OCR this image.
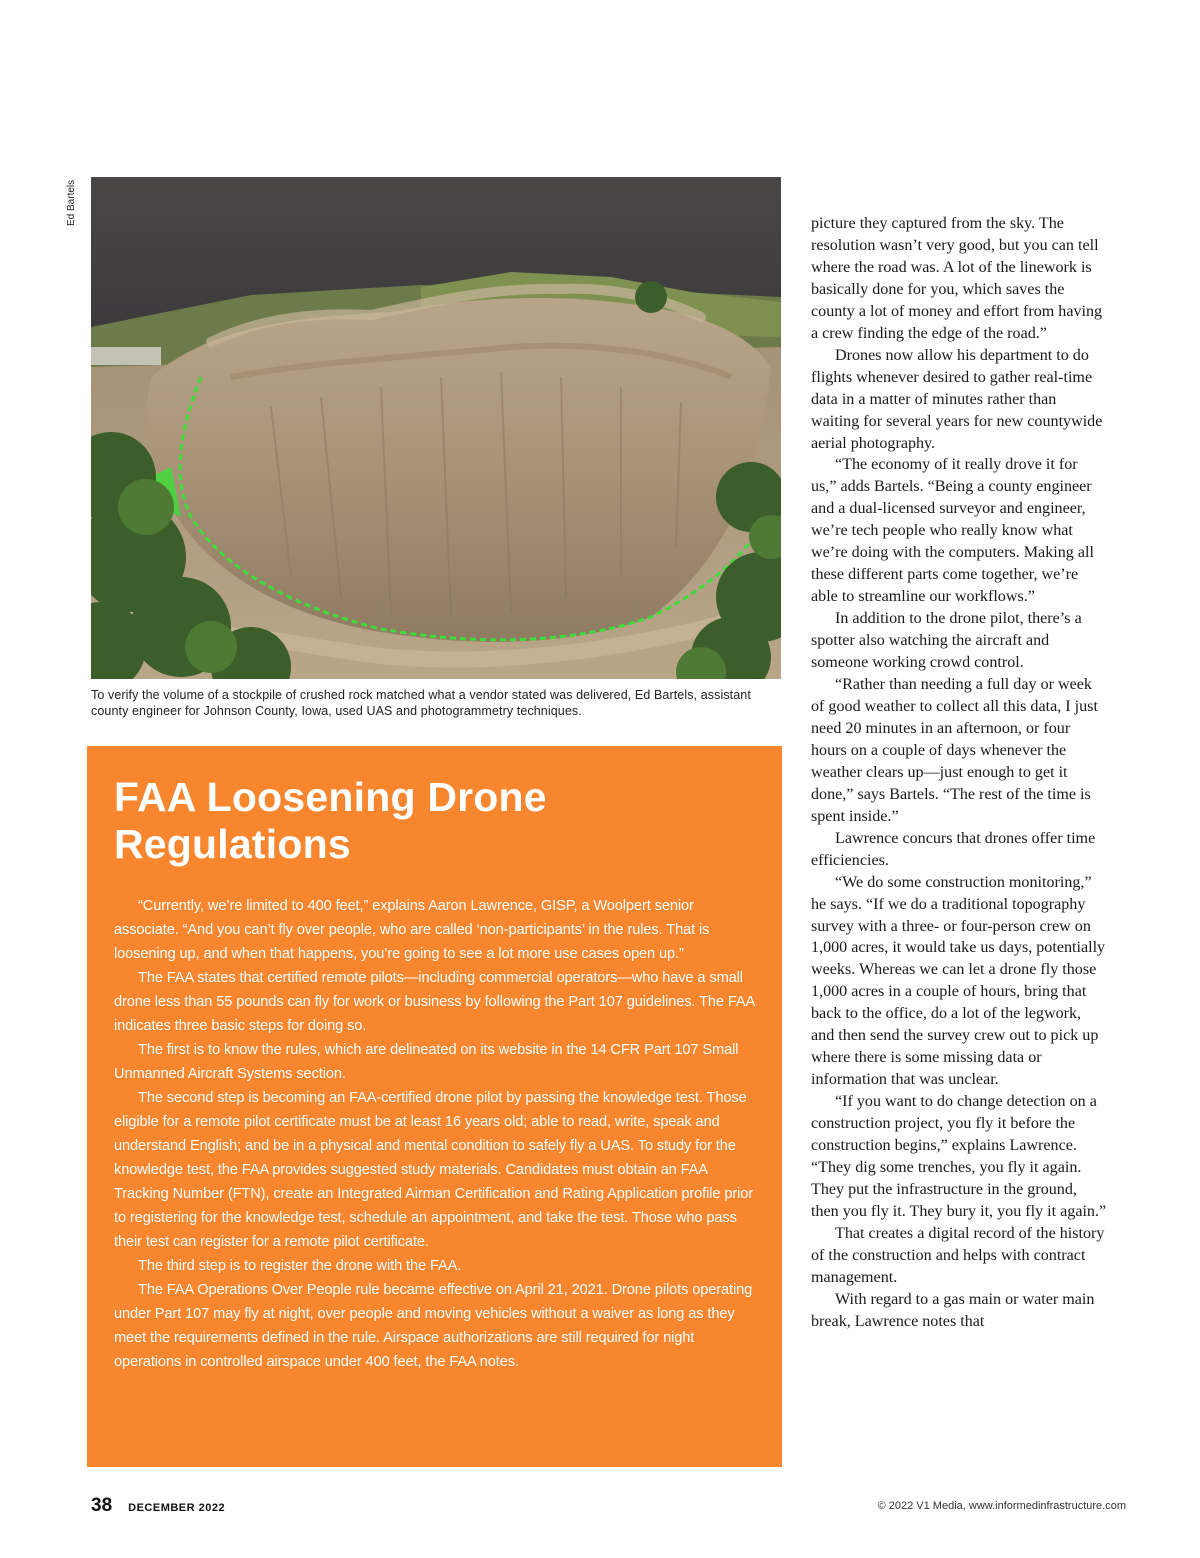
Ed Bartels
To verify the volume of a stockpile of crushed rock matched what a vendor stated was delivered, Ed Bartels, assistant county engineer for Johnson County, Iowa, used UAS and photogrammetry techniques.
FAA Loosening Drone Regulations

“Currently, we’re limited to 400 feet,” explains Aaron Lawrence, GISP, a Woolpert senior associate. “And you can’t fly over people, who are called ‘non-participants’ in the rules. That is loosening up, and when that happens, you’re going to see a lot more use cases open up.”

The FAA states that certified remote pilots—including commercial operators—who have a small drone less than 55 pounds can fly for work or business by following the Part 107 guidelines. The FAA indicates three basic steps for doing so.

The first is to know the rules, which are delineated on its website in the 14 CFR Part 107 Small Unmanned Aircraft Systems section.

The second step is becoming an FAA-certified drone pilot by passing the knowledge test. Those eligible for a remote pilot certificate must be at least 16 years old; able to read, write, speak and understand English; and be in a physical and mental condition to safely fly a UAS. To study for the knowledge test, the FAA provides suggested study materials. Candidates must obtain an FAA Tracking Number (FTN), create an Integrated Airman Certification and Rating Application profile prior to registering for the knowledge test, schedule an appointment, and take the test. Those who pass their test can register for a remote pilot certificate.

The third step is to register the drone with the FAA.

The FAA Operations Over People rule became effective on April 21, 2021. Drone pilots operating under Part 107 may fly at night, over people and moving vehicles without a waiver as long as they meet the requirements defined in the rule. Airspace authorizations are still required for night operations in controlled airspace under 400 feet, the FAA notes.

picture they captured from the sky. The resolution wasn’t very good, but you can tell where the road was. A lot of the linework is basically done for you, which saves the county a lot of money and effort from having a crew finding the edge of the road.”

Drones now allow his department to do flights whenever desired to gather real-time data in a matter of minutes rather than waiting for several years for new countywide aerial photography.

“The economy of it really drove it for us,” adds Bartels. “Being a county engineer and a dual-licensed surveyor and engineer, we’re tech people who really know what we’re doing with the computers. Making all these different parts come together, we’re able to streamline our workflows.”

In addition to the drone pilot, there’s a spotter also watching the aircraft and someone working crowd control.

“Rather than needing a full day or week of good weather to collect all this data, I just need 20 minutes in an afternoon, or four hours on a couple of days whenever the weather clears up—just enough to get it done,” says Bartels. “The rest of the time is spent inside.”

Lawrence concurs that drones offer time efficiencies.

“We do some construction monitoring,” he says. “If we do a traditional topography survey with a three- or four-person crew on 1,000 acres, it would take us days, potentially weeks. Whereas we can let a drone fly those 1,000 acres in a couple of hours, bring that back to the office, do a lot of the legwork, and then send the survey crew out to pick up where there is some missing data or information that was unclear.

“If you want to do change detection on a construction project, you fly it before the construction begins,” explains Lawrence. “They dig some trenches, you fly it again. They put the infrastructure in the ground, then you fly it. They bury it, you fly it again.”

That creates a digital record of the history of the construction and helps with contract management.

With regard to a gas main or water main break, Lawrence notes that

38 DECEMBER 2022	© 2022 V1 Media, www.informedinfrastructure.com
